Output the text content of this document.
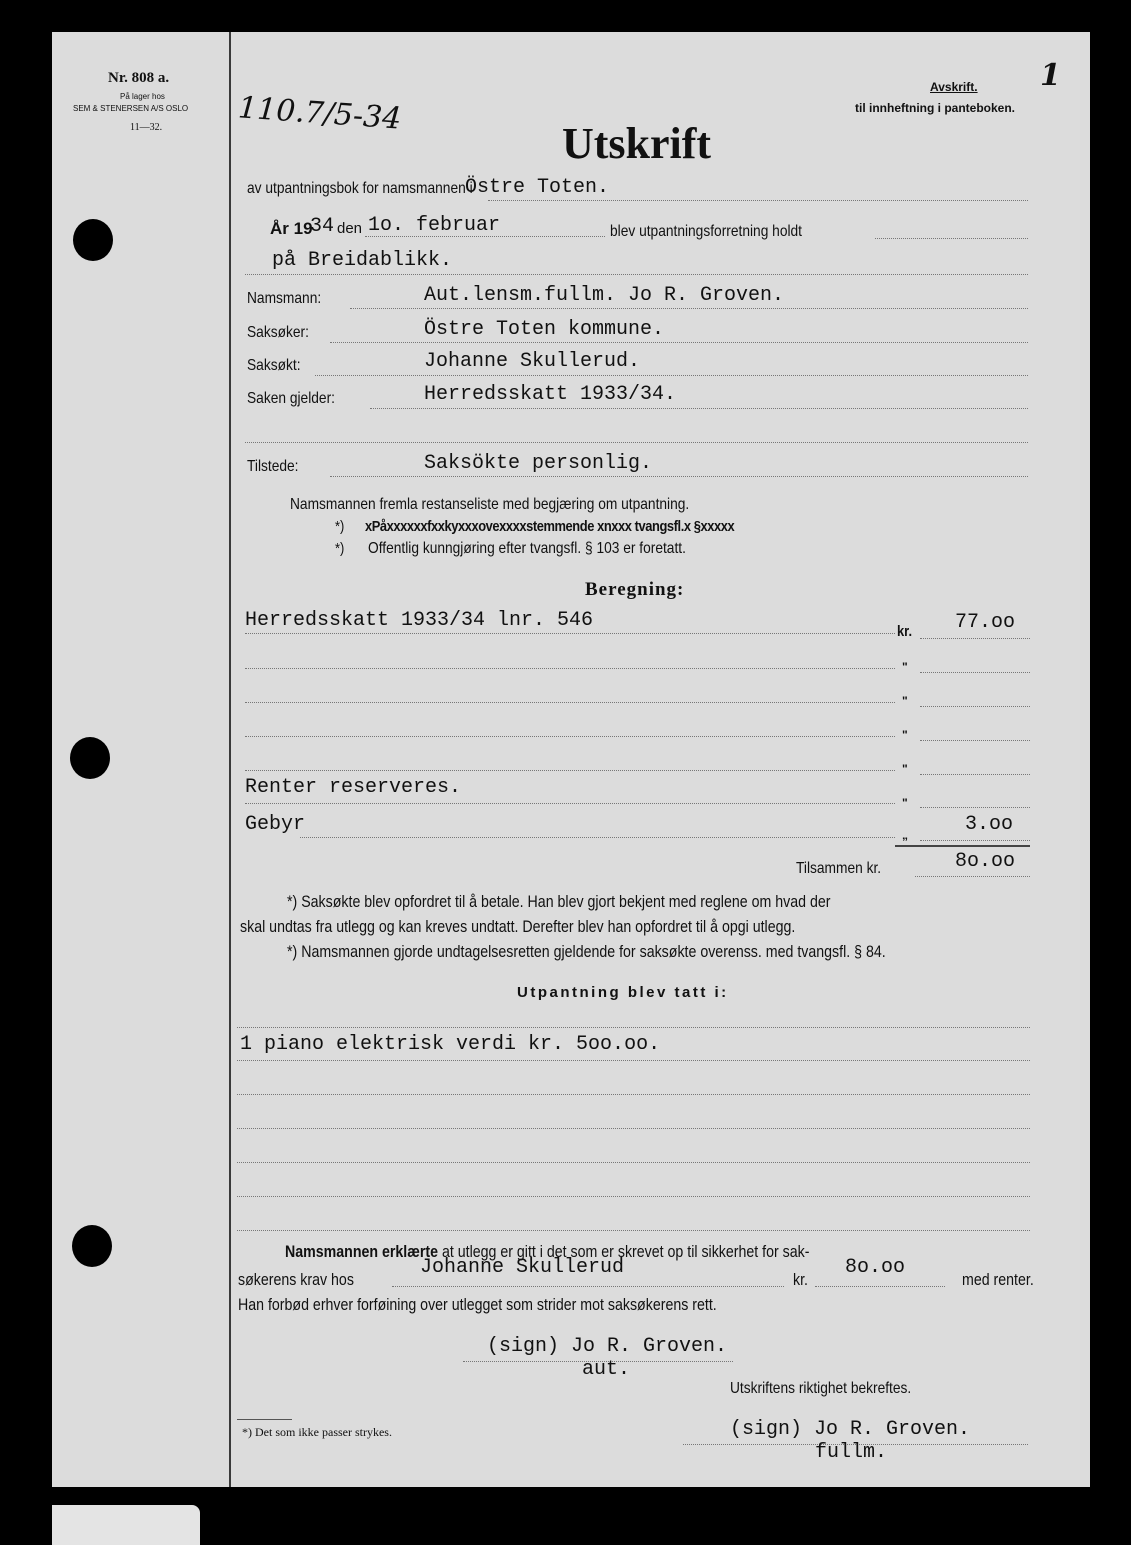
Nr. 808 a.
På lager hos
SEM & STENERSEN A/S OSLO
11—32. 110.7/5-34
Avskrift.
til innheftning i panteboken.
1
Utskrift
av utpantningsbok for namsmannen i
Östre Toten.
År 19
34 den 1o. februar	blev utpantningsforretning holdt
på Breidablikk.
Namsmann:	Aut.lensm.fullm. Jo R. Groven.
Saksøker:	Östre Toten kommune.
Saksøkt:	Johanne Skullerud.
Saken gjelder:	Herredsskatt 1933/34.
Tilstede:	Saksökte personlig.
Namsmannen fremla restanseliste med begjæring om utpantning.
*) xPåxxxxxxfxxkyxxxovexxxxstemmende xnxxx tvangsfl.x §xxxxx
*) Offentlig kunngjøring efter tvangsfl. § 103 er foretatt.
Beregning:
Herredsskatt 1933/34 lnr. 546	kr. 77.oo
"
"
"
"
Renter reserveres.
"
Gebyr	„	3.oo
Tilsammen kr.	8o.oo
*) Saksøkte blev opfordret til å betale. Han blev gjort bekjent med reglene om hvad der
skal undtas fra utlegg og kan kreves undtatt. Derefter blev han opfordret til å opgi utlegg.
*) Namsmannen gjorde undtagelsesretten gjeldende for saksøkte overenss. med tvangsfl. § 84.
Utpantning blev tatt i:
1 piano elektrisk verdi kr. 5oo.oo.
Namsmannen erklærte at utlegg er gitt i det som er skrevet op til sikkerhet for sak-
søkerens krav hos
Johanne Skullerud
kr.
8o.oo
med renter.
Han forbød erhver forføining over utlegget som strider mot saksøkerens rett.
(sign) Jo R. Groven.
aut.
Utskriftens riktighet bekreftes.
(sign) Jo R. Groven.
fullm.
*) Det som ikke passer strykes.
